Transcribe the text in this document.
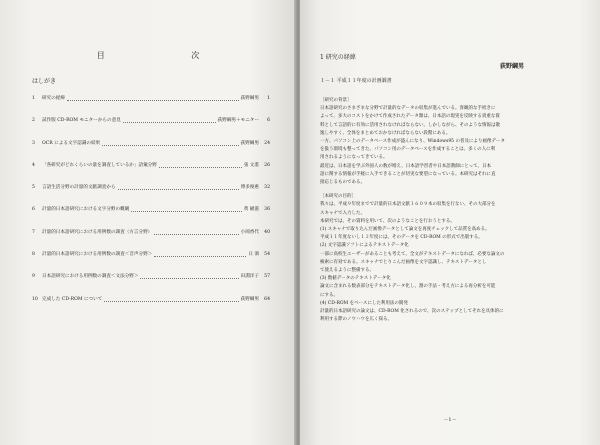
目 次
はしがき
1	研究の経緯	荻野綱男	1
2	試作版 CD-ROM モニターからの意見	荻野綱男＋モニター	6
3	OCR による文字認識の結果	荻野綱男	24
4	「各研究がどれくらいの量を調査しているか」語彙分野	張 文湛	26
5	言語生活分野の計量的文献調査から	博多俊惠	32
6	計量的日本語研究における文字分野の概観	黄 穎滋	36
7	計量的日本語研究における用例数の調査（方言分野）	小岡香代	40
8	計量的日本語研究における用例数の調査＜音声分野＞	日 酒	54
9	日本語研究における用例数の調査＜文法分野＞	田淵洋子	57
10 完成した CD-ROM について	荻野綱男	64
1 研究の経緯
荻野綱男
１－１ 平成１１年度の計画調書

［研究の背景］

日本語研究のさまざまな分野で計量的なデータの収集が進んでいる。客観的な手続きに

よって、多大のコストをかけて作成されたデータ類は、日本語の現実を反映する貴重な資

料として言語的に有効に活用されなければならない。しかしながら、そのような情報は散

逸しやすく、全体をまとめておかなければならない段階にある。

一方、パソコン上のデータベース作成が盛んになり、Windows95 の普及により画像データ

を扱う環境も整ってきた。パソコン用のデータベースを作成することは、多くの人に利

用されるようになってきている。

最近は、日本語を学ぶ外国人の数が増え、日本語学習者や日本語教師にとって、日本

語に関する情報が手軽に入手できることが切実な要望になっている。本研究はそれに直

接応じるものである。

［本研究の目的］

我々は、平成９年度までで計量的日本語文献１６０９本の収集を行ない、その大部分を

スキャナで入力した。

本研究では、その資料を用いて、次のようなことを行おうとする。

(1) スキャナで取り込んだ画像データとして論文を再度チェックして品質を高める。

平成１１年度ないし１２年度には、そのデータを CD-ROM の形式で出版する。

(2) 文字認識ソフトによるテキストデータ化

一部に高校生ユーザーがあることも考えて、全文がテキストデータになれば、必要な論文の

検索に有効である。スキャナでとりこんだ画像を文字認識し、テキストデータとし

て使えるように整備する。

(3) 数値データのテキストデータ化

論文に含まれる数表部分をテキストデータ化し、割の手法・考え方による再分析を可能

にする。

(4) CD-ROM をベースにした利用法の開発

計量的日本語研究の論文は、CD-ROM 化されるので、次のステップとしてそれを具体的に

利用する際のノウハウを広く探る。

－1－
